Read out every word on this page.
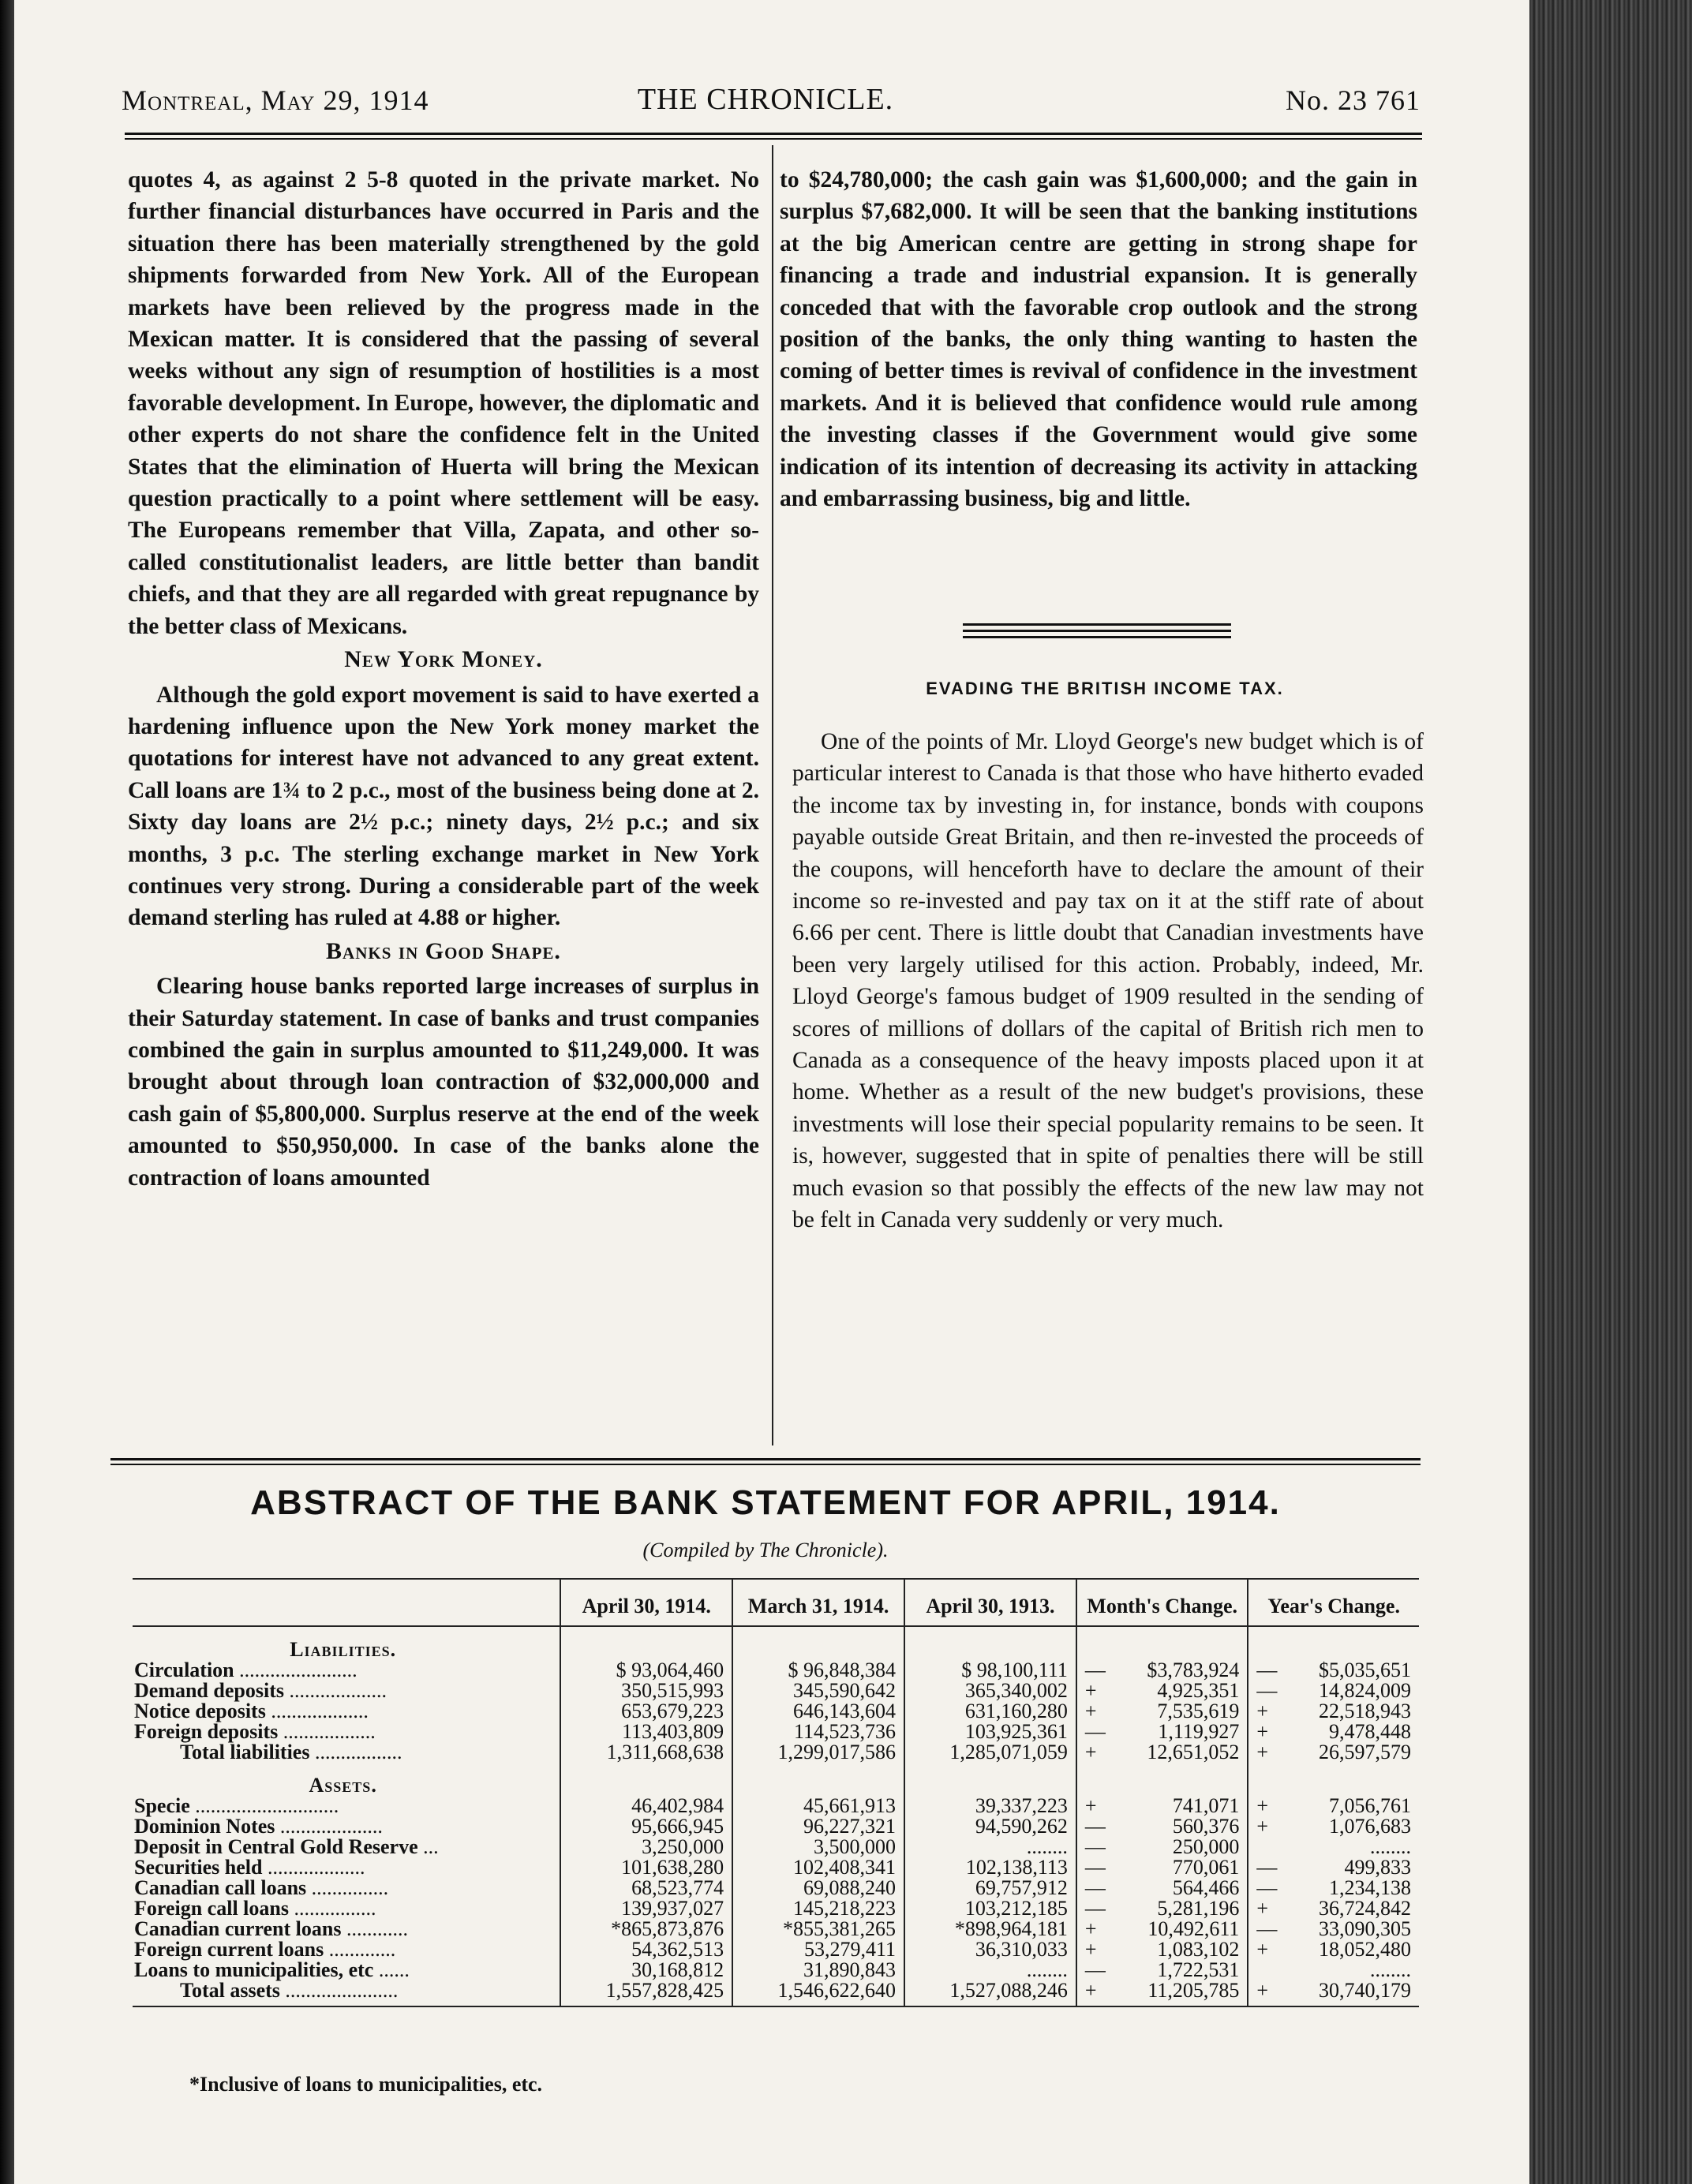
Montreal, May 29, 1914	THE CHRONICLE.	No. 23 761

quotes 4, as against 2 5-8 quoted in the private market. No further financial disturbances have occurred in Paris and the situation there has been materially strengthened by the gold shipments forwarded from New York. All of the European markets have been relieved by the progress made in the Mexican matter. It is considered that the passing of several weeks without any sign of resumption of hostilities is a most favorable development. In Europe, however, the diplomatic and other experts do not share the confidence felt in the United States that the elimination of Huerta will bring the Mexican question practically to a point where settlement will be easy. The Europeans remember that Villa, Zapata, and other so-called constitutionalist leaders, are little better than bandit chiefs, and that they are all regarded with great repugnance by the better class of Mexicans.

New York Money.

Although the gold export movement is said to have exerted a hardening influence upon the New York money market the quotations for interest have not advanced to any great extent. Call loans are 1¾ to 2 p.c., most of the business being done at 2. Sixty day loans are 2½ p.c.; ninety days, 2½ p.c.; and six months, 3 p.c. The sterling exchange market in New York continues very strong. During a considerable part of the week demand sterling has ruled at 4.88 or higher.

Banks in Good Shape.

Clearing house banks reported large increases of surplus in their Saturday statement. In case of banks and trust companies combined the gain in surplus amounted to $11,249,000. It was brought about through loan contraction of $32,000,000 and cash gain of $5,800,000. Surplus reserve at the end of the week amounted to $50,950,000. In case of the banks alone the contraction of loans amounted

to $24,780,000; the cash gain was $1,600,000; and the gain in surplus $7,682,000. It will be seen that the banking institutions at the big American centre are getting in strong shape for financing a trade and industrial expansion. It is generally conceded that with the favorable crop outlook and the strong position of the banks, the only thing wanting to hasten the coming of better times is revival of confidence in the investment markets. And it is believed that confidence would rule among the investing classes if the Government would give some indication of its intention of decreasing its activity in attacking and embarrassing business, big and little.

EVADING THE BRITISH INCOME TAX.

One of the points of Mr. Lloyd George's new budget which is of particular interest to Canada is that those who have hitherto evaded the income tax by investing in, for instance, bonds with coupons payable outside Great Britain, and then re-invested the proceeds of the coupons, will henceforth have to declare the amount of their income so re-invested and pay tax on it at the stiff rate of about 6.66 per cent. There is little doubt that Canadian investments have been very largely utilised for this action. Probably, indeed, Mr. Lloyd George's famous budget of 1909 resulted in the sending of scores of millions of dollars of the capital of British rich men to Canada as a consequence of the heavy imposts placed upon it at home. Whether as a result of the new budget's provisions, these investments will lose their special popularity remains to be seen. It is, however, suggested that in spite of penalties there will be still much evasion so that possibly the effects of the new law may not be felt in Canada very suddenly or very much.

ABSTRACT OF THE BANK STATEMENT FOR APRIL, 1914.
(Compiled by The Chronicle).
	April 30, 1914.	March 31, 1914.	April 30, 1913.	Month's Change.	Year's Change.
Liabilities.					
Circulation .......................	$ 93,064,460	$ 96,848,384	$ 98,100,111	— $3,783,924	— $5,035,651

Demand deposits ...................	350,515,993	345,590,642	365,340,002	+ 4,925,351	— 14,824,009

Notice deposits ...................	653,679,223	646,143,604	631,160,280	+ 7,535,619	+ 22,518,943

Foreign deposits ..................	113,403,809	114,523,736	103,925,361	— 1,119,927	+ 9,478,448

Total liabilities .................	1,311,668,638	1,299,017,586	1,285,071,059	+ 12,651,052	+ 26,597,579

Assets.					
Specie ............................	46,402,984	45,661,913	39,337,223	+ 741,071	+ 7,056,761

Dominion Notes ....................	95,666,945	96,227,321	94,590,262	— 560,376	+ 1,076,683

Deposit in Central Gold Reserve ...	3,250,000	3,500,000	........	— 250,000	........

Securities held ...................	101,638,280	102,408,341	102,138,113	— 770,061	— 499,833

Canadian call loans ...............	68,523,774	69,088,240	69,757,912	— 564,466	— 1,234,138

Foreign call loans ................	139,937,027	145,218,223	103,212,185	— 5,281,196	+ 36,724,842

Canadian current loans ............	*865,873,876	*855,381,265	*898,964,181	+ 10,492,611	— 33,090,305

Foreign current loans .............	54,362,513	53,279,411	36,310,033	+ 1,083,102	+ 18,052,480

Loans to municipalities, etc ......	30,168,812	31,890,843	........	— 1,722,531	........

Total assets ......................	1,557,828,425	1,546,622,640	1,527,088,246	+ 11,205,785	+ 30,740,179
*Inclusive of loans to municipalities, etc.
